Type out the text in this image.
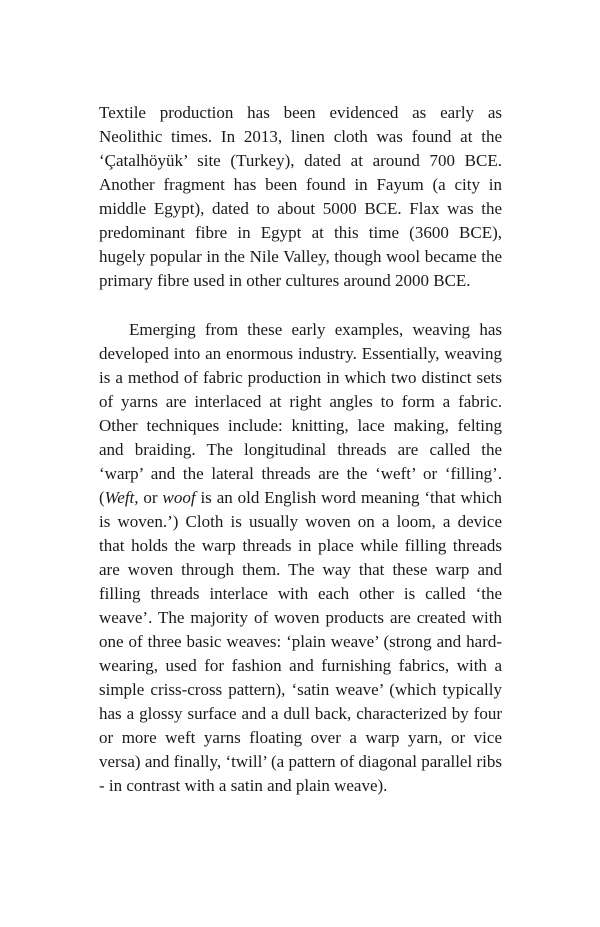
Textile production has been evidenced as early as Neolithic times. In 2013, linen cloth was found at the ‘Çatalhöyük’ site (Turkey), dated at around 700 BCE. Another fragment has been found in Fayum (a city in middle Egypt), dated to about 5000 BCE. Flax was the predominant fibre in Egypt at this time (3600 BCE), hugely popular in the Nile Valley, though wool became the primary fibre used in other cultures around 2000 BCE.

Emerging from these early examples, weaving has developed into an enormous industry. Essentially, weaving is a method of fabric production in which two distinct sets of yarns are interlaced at right angles to form a fabric. Other techniques include: knitting, lace making, felting and braiding. The longitudinal threads are called the ‘warp’ and the lateral threads are the ‘weft’ or ‘filling’. (Weft, or woof is an old English word meaning ‘that which is woven.’) Cloth is usually woven on a loom, a device that holds the warp threads in place while filling threads are woven through them. The way that these warp and filling threads interlace with each other is called ‘the weave’. The majority of woven products are created with one of three basic weaves: ‘plain weave’ (strong and hard-wearing, used for fashion and furnishing fabrics, with a simple criss-cross pattern), ‘satin weave’ (which typically has a glossy surface and a dull back, characterized by four or more weft yarns floating over a warp yarn, or vice versa) and finally, ‘twill’ (a pattern of diagonal parallel ribs - in contrast with a satin and plain weave).
